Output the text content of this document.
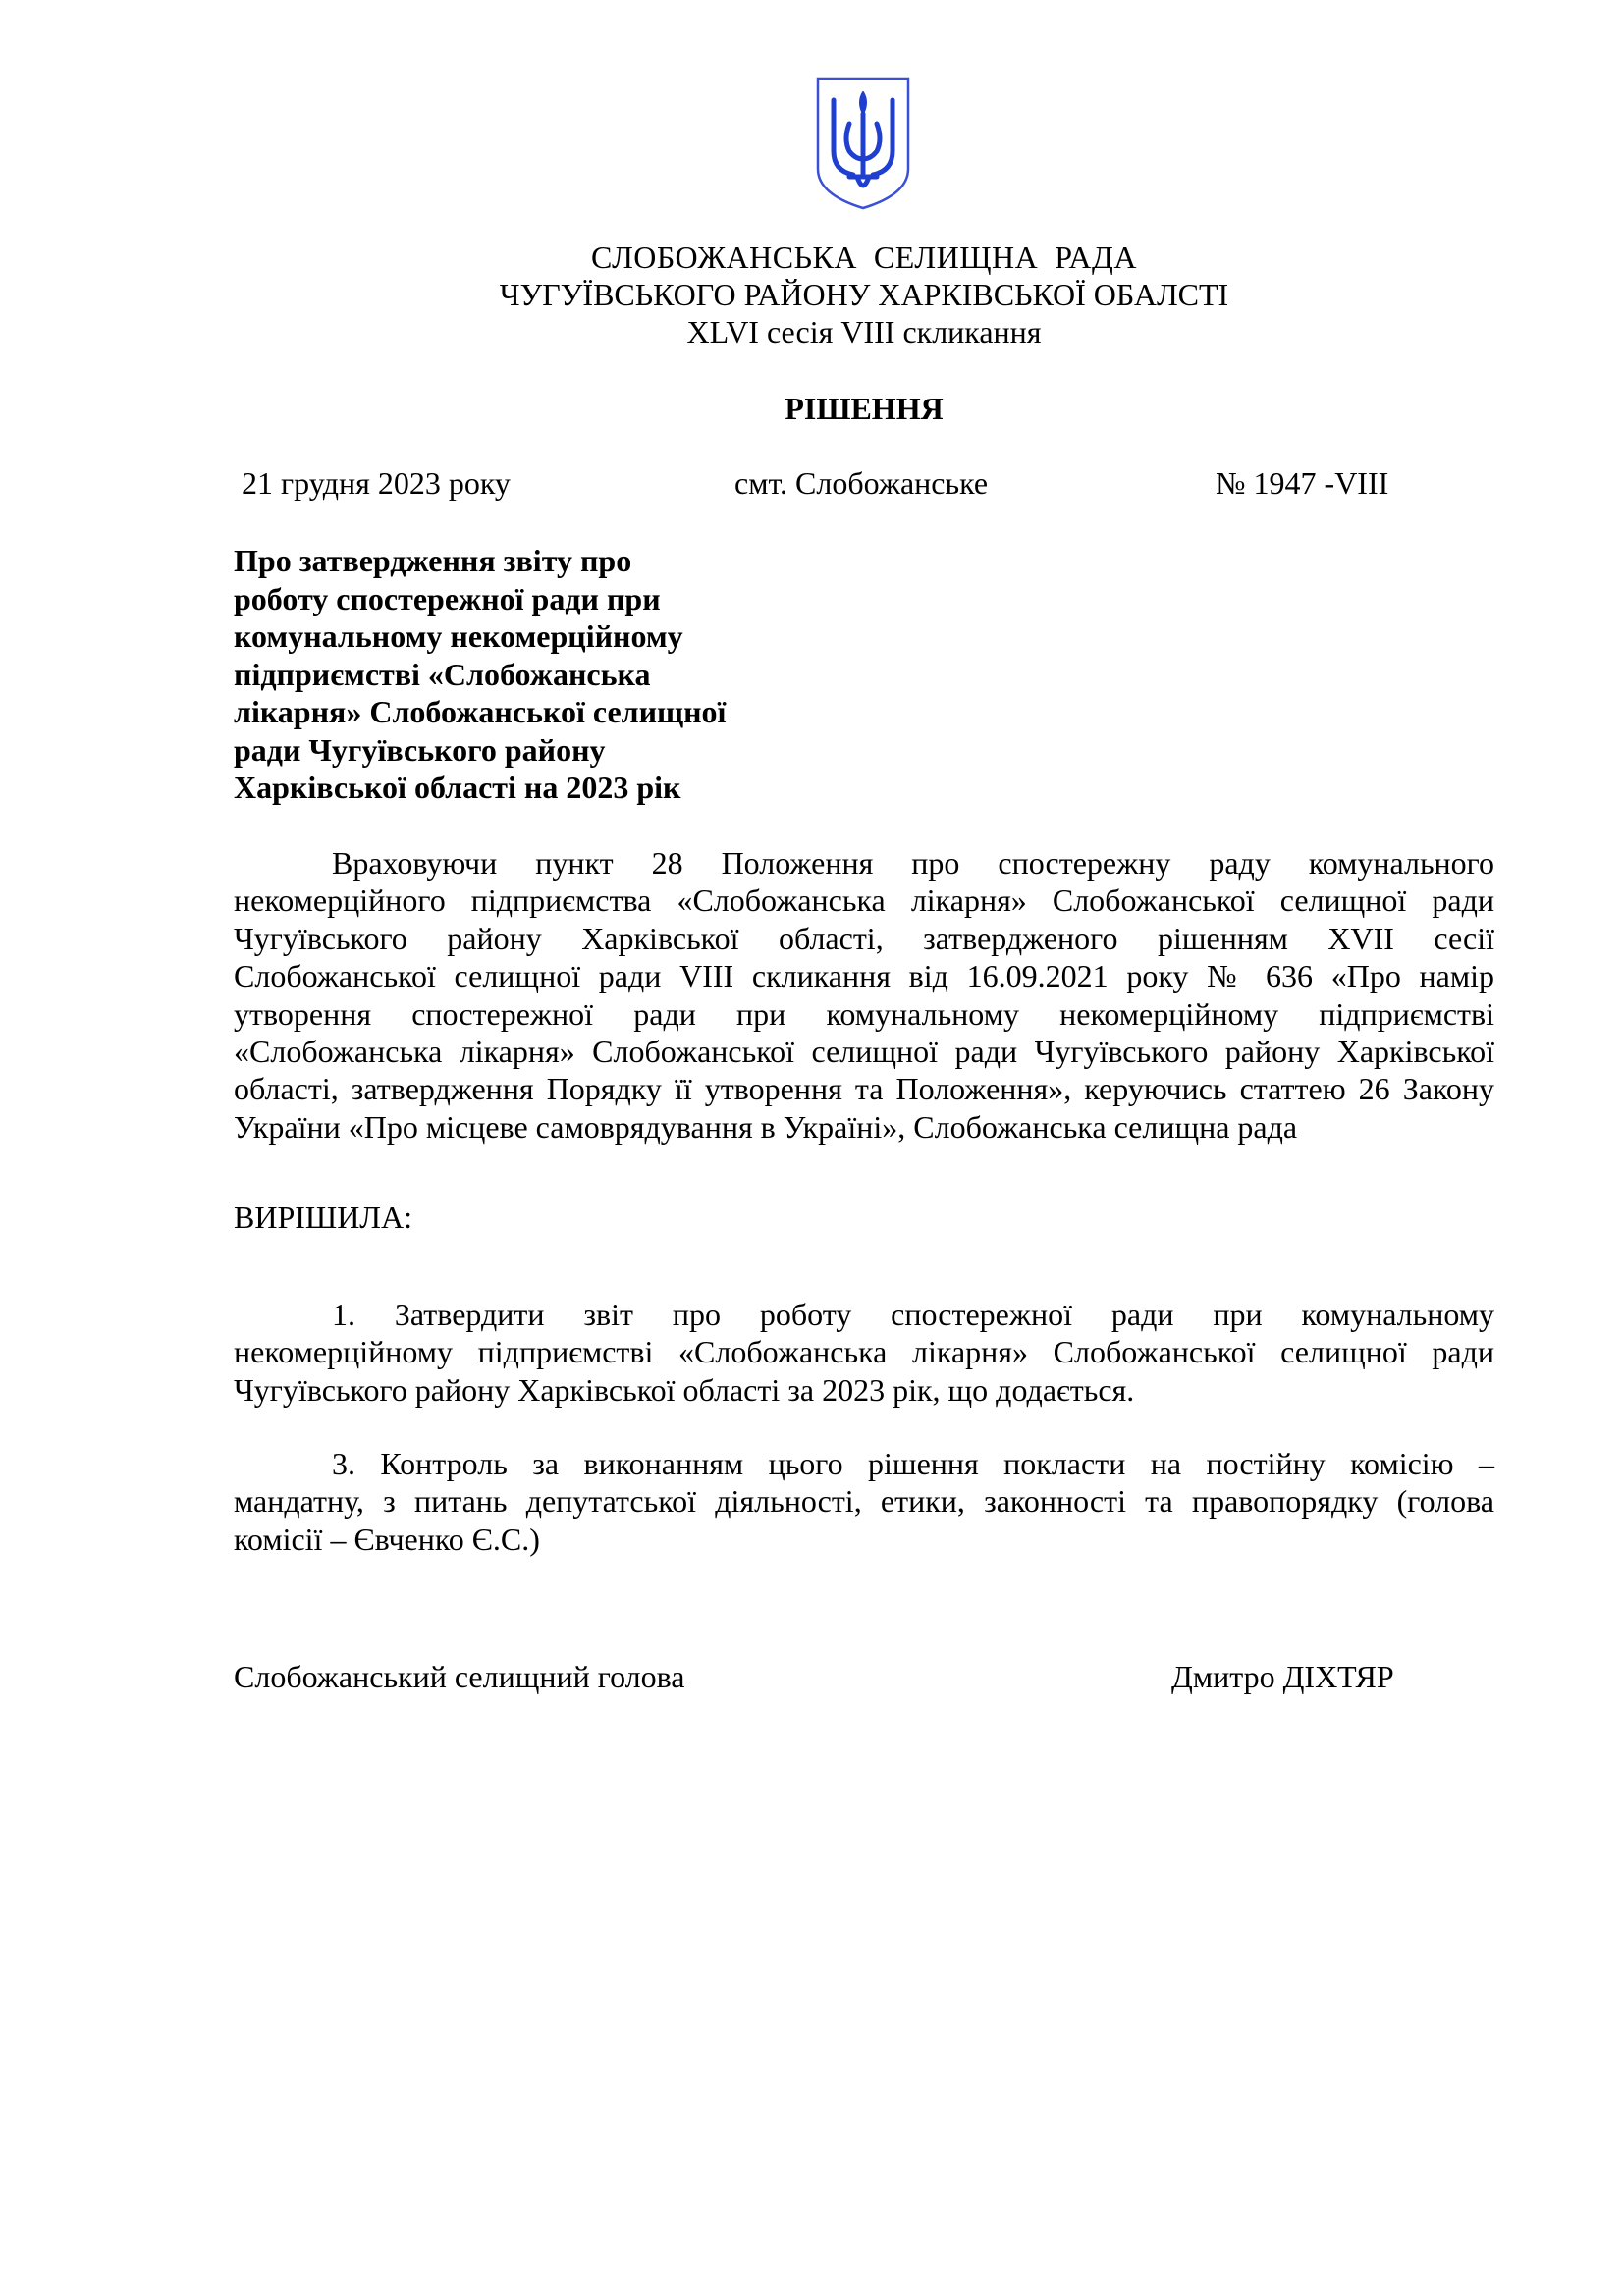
СЛОБОЖАНСЬКА  СЕЛИЩНА  РАДА
ЧУГУЇВСЬКОГО РАЙОНУ ХАРКІВСЬКОЇ ОБАЛСТІ
XLVI сесія VIII скликання
РІШЕННЯ
21 грудня 2023 року	смт. Слобожанське	№ 1947 -VIII
Про затвердження звіту про
роботу спостережної ради при
комунальному некомерційному
підприємстві «Слобожанська
лікарня» Слобожанської селищної
ради Чугуївського району
Харківської області на 2023 рік
Враховуючи пункт 28 Положення про спостережну раду комунального
некомерційного підприємства «Слобожанська лікарня» Слобожанської селищної ради
Чугуївського району Харківської області, затвердженого рішенням XVII сесії
Слобожанської селищної ради VIII скликання від 16.09.2021 року № 636 «Про намір
утворення спостережної ради при комунальному некомерційному підприємстві
«Слобожанська лікарня» Слобожанської селищної ради Чугуївського району Харківської
області, затвердження Порядку її утворення та Положення», керуючись статтею 26 Закону
України «Про місцеве самоврядування в Україні», Слобожанська селищна рада
ВИРІШИЛА:
1. Затвердити звіт про роботу спостережної ради при комунальному
некомерційному підприємстві «Слобожанська лікарня» Слобожанської селищної ради
Чугуївського району Харківської області за 2023 рік, що додається.
3. Контроль за виконанням цього рішення покласти на постійну комісію –
мандатну, з питань депутатської діяльності, етики, законності та правопорядку (голова
комісії – Євченко Є.С.)
Слобожанський селищний голова	Дмитро ДІХТЯР
